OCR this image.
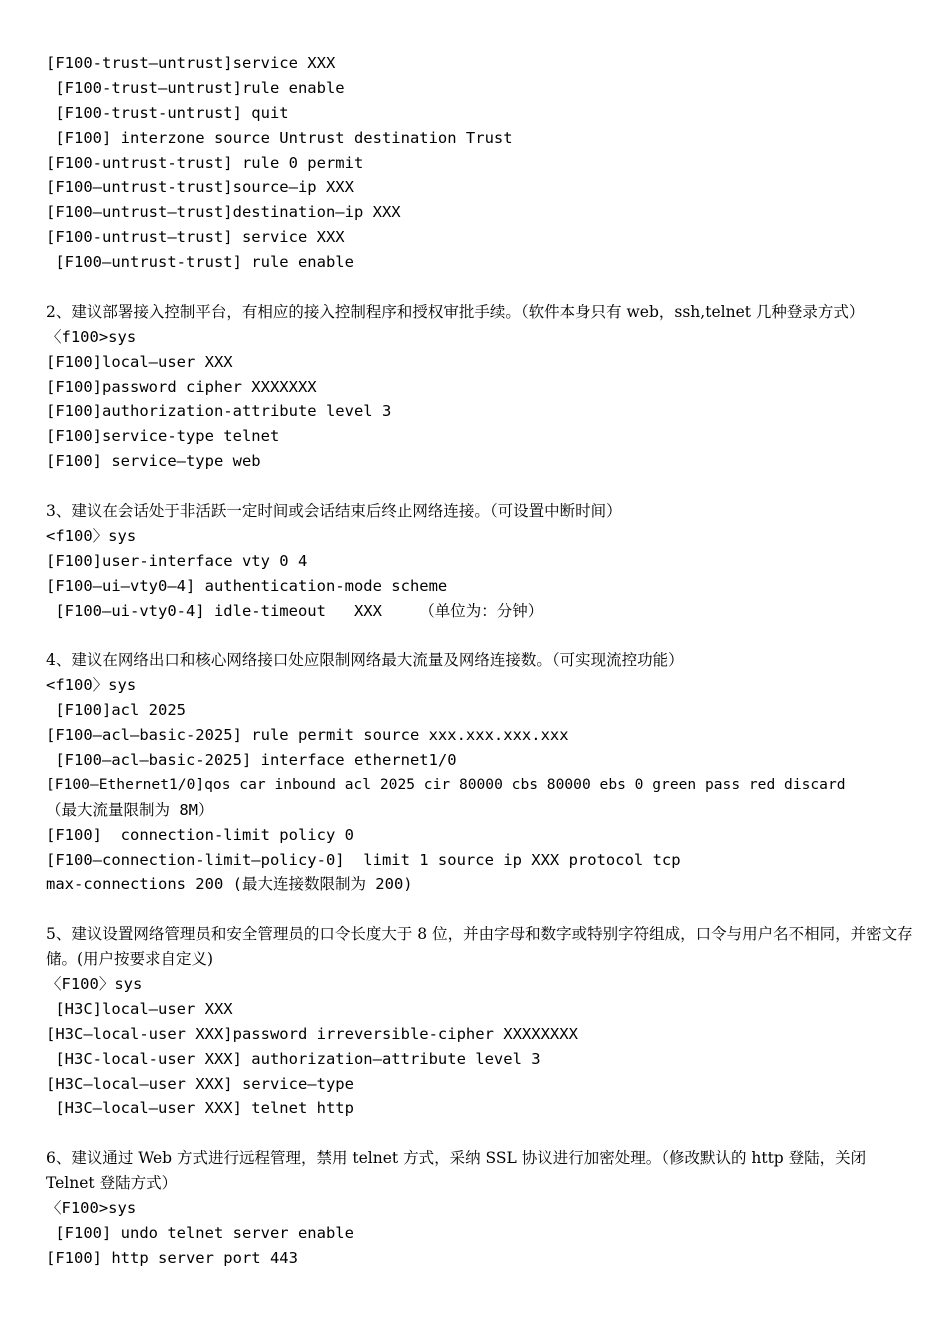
[F100-trust—untrust]service XXX
[F100-trust—untrust]rule enable
[F100-trust-untrust] quit
[F100] interzone source Untrust destination Trust
[F100-untrust-trust] rule 0 permit
[F100—untrust-trust]source—ip XXX
[F100—untrust—trust]destination—ip XXX
[F100-untrust—trust] service XXX
[F100—untrust-trust] rule enable
2、建议部署接入控制平台，有相应的接入控制程序和授权审批手续。（软件本身只有 web，ssh,telnet 几种登录方式）
〈f100>sys
[F100]local—user XXX
[F100]password cipher XXXXXXX
[F100]authorization-attribute level 3
[F100]service-type telnet
[F100] service—type web
3、建议在会话处于非活跃一定时间或会话结束后终止网络连接。（可设置中断时间）
<f100〉sys
[F100]user-interface vty 0 4
[F100—ui—vty0—4] authentication-mode scheme
[F100—ui-vty0-4] idle-timeout   XXX    （单位为：分钟）
4、建议在网络出口和核心网络接口处应限制网络最大流量及网络连接数。（可实现流控功能）
<f100〉sys
[F100]acl 2025
[F100—acl—basic-2025] rule permit source xxx.xxx.xxx.xxx
[F100—acl—basic-2025] interface ethernet1/0
[F100—Ethernet1/0]qos car inbound acl 2025 cir 80000 cbs 80000 ebs 0 green pass red discard
（最大流量限制为 8M）
[F100]  connection-limit policy 0
[F100—connection-limit—policy-0]  limit 1 source ip XXX protocol tcp
max-connections 200 (最大连接数限制为 200)
5、建议设置网络管理员和安全管理员的口令长度大于 8 位，并由字母和数字或特别字符组成，口令与用户名不相同，并密文存储。(用户按要求自定义)
〈F100〉sys
[H3C]local—user XXX
[H3C—local-user XXX]password irreversible-cipher XXXXXXXX
[H3C-local-user XXX] authorization—attribute level 3
[H3C—local—user XXX] service—type
[H3C—local—user XXX] telnet http
6、建议通过 Web 方式进行远程管理，禁用 telnet 方式，采纳 SSL 协议进行加密处理。（修改默认的 http 登陆，关闭 Telnet 登陆方式）
〈F100>sys
[F100] undo telnet server enable
[F100] http server port 443
